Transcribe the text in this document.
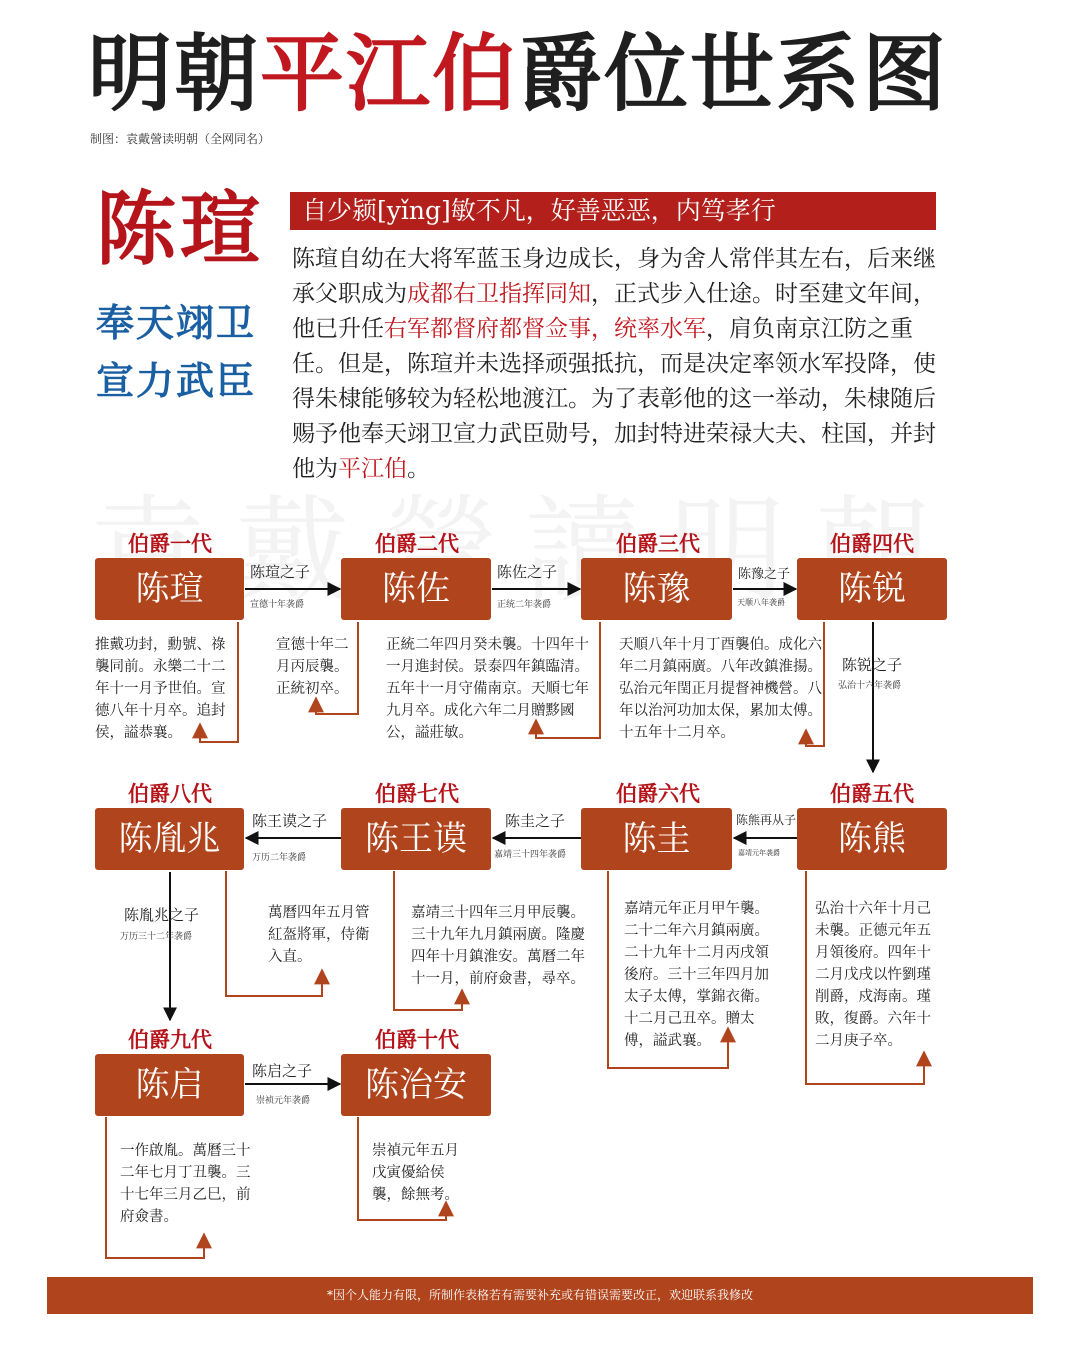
明朝平江伯爵位世系图
制图：袁戴謍读明朝（全网同名）
陈瑄
奉天翊卫
宣力武臣
自少颍[yǐng]敏不凡，好善恶恶，内笃孝行
陈瑄自幼在大将军蓝玉身边成长，身为舍人常伴其左右，后来继承父职成为成都右卫指挥同知，正式步入仕途。时至建文年间，他已升任右军都督府都督佥事，统率水军，肩负南京江防之重任。但是，陈瑄并未选择顽强抵抗，而是决定率领水军投降，使得朱棣能够较为轻松地渡江。为了表彰他的这一举动，朱棣随后赐予他奉天翊卫宣力武臣勋号，加封特进荣禄大夫、柱国，并封他为平江伯。
伯爵一代	伯爵二代	伯爵三代	伯爵四代
伯爵五代
伯爵六代
伯爵七代
伯爵八代
伯爵九代	伯爵十代
陈瑄	陈佐	陈豫	陈锐
陈熊
陈圭
陈王谟
陈胤兆
陈启	陈治安
陈瑄之子
宣德十年袭爵
陈佐之子
正统二年袭爵
陈豫之子
天顺八年袭爵
陈锐之子
弘治十六年袭爵
陈熊再从子
嘉靖元年袭爵
陈圭之子
嘉靖三十四年袭爵
陈王谟之子
万历二年袭爵
陈胤兆之子
万历三十二年袭爵
陈启之子
崇祯元年袭爵
推戴功封，勳號、祿襲同前。永樂二十二年十一月予世伯。宣德八年十月卒。追封侯，謚恭襄。
宣德十年二月丙辰襲。正統初卒。
正統二年四月癸未襲。十四年十一月進封侯。景泰四年鎮臨清。五年十一月守備南京。天順七年九月卒。成化六年二月贈黟國公，謚莊敏。
天順八年十月丁酉襲伯。成化六年二月鎮兩廣。八年改鎮淮揚。弘治元年閏正月提督神機營。八年以治河功加太保，累加太傅。十五年十二月卒。
弘治十六年十月己未襲。正德元年五月領後府。四年十二月戊戌以忤劉瑾削爵，戍海南。瑾敗，復爵。六年十二月庚子卒。
嘉靖元年正月甲午襲。二十二年六月鎮兩廣。二十九年十二月丙戌領後府。三十三年四月加太子太傅，掌錦衣衛。十二月己丑卒。贈太傅，謚武襄。
嘉靖三十四年三月甲辰襲。三十九年九月鎮兩廣。隆慶四年十月鎮淮安。萬曆二年十一月，前府僉書，尋卒。
萬曆四年五月管紅盔將軍，侍衛入直。
一作啟胤。萬曆三十二年七月丁丑襲。三十七年三月乙巳，前府僉書。
崇禎元年五月戊寅優給侯襲，餘無考。
*因个人能力有限，所制作表格若有需要补充或有错误需要改正，欢迎联系我修改
